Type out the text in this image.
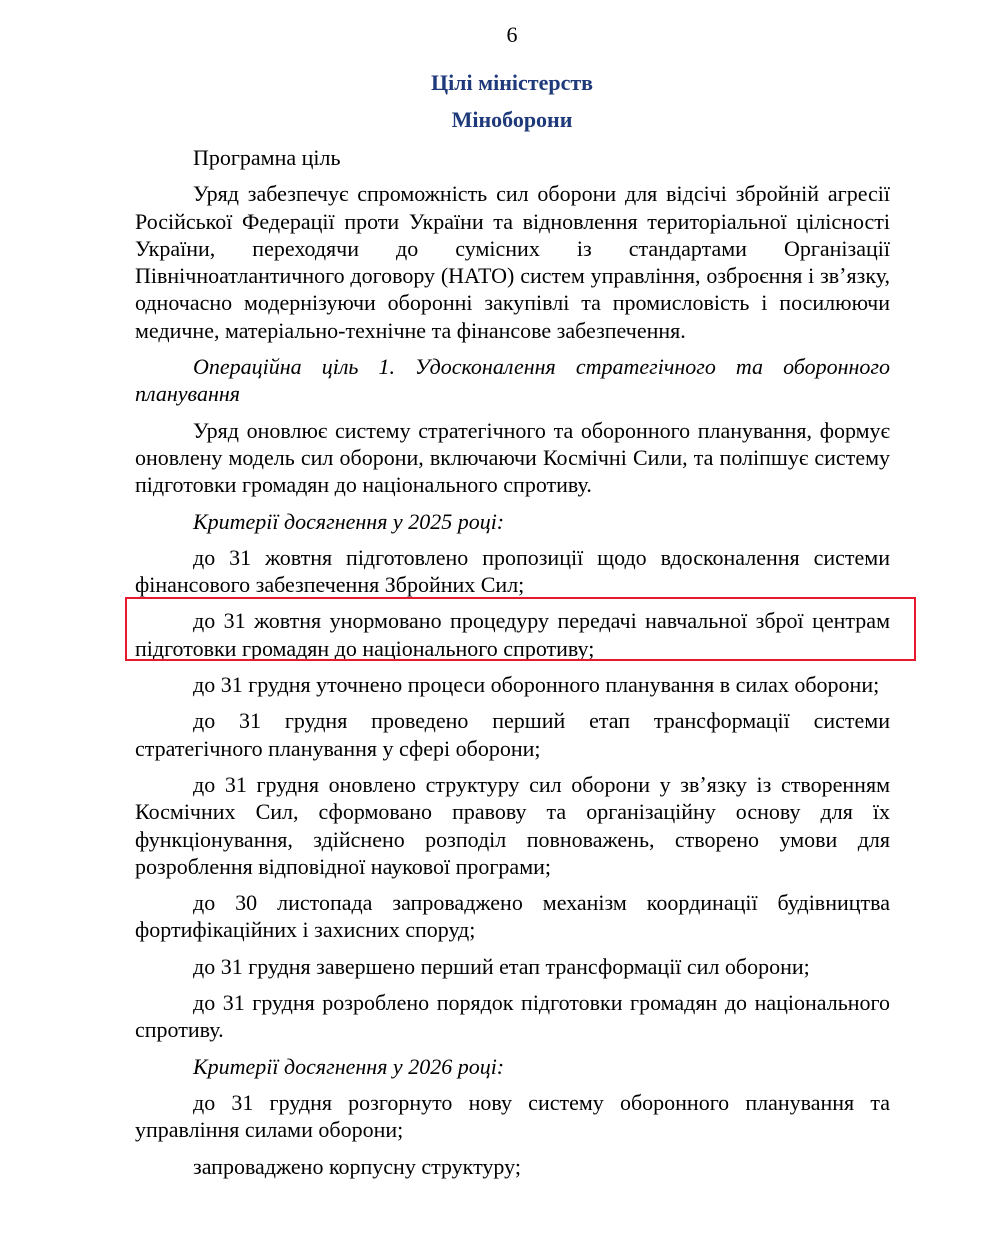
6
Цілі міністерств
Міноборони

Програмна ціль

Уряд забезпечує спроможність сил оборони для відсічі збройній агресії Російської Федерації проти України та відновлення територіальної цілісності України, переходячи до сумісних із стандартами Організації Північноатлантичного договору (НАТО) систем управління, озброєння і звʼязку, одночасно модернізуючи оборонні закупівлі та промисловість і посилюючи медичне, матеріально-технічне та фінансове забезпечення.

Операційна ціль 1. Удосконалення стратегічного та оборонного планування

Уряд оновлює систему стратегічного та оборонного планування, формує оновлену модель сил оборони, включаючи Космічні Сили, та поліпшує систему підготовки громадян до національного спротиву.

Критерії досягнення у 2025 році:

до 31 жовтня підготовлено пропозиції щодо вдосконалення системи фінансового забезпечення Збройних Сил;

до 31 жовтня унормовано процедуру передачі навчальної зброї центрам підготовки громадян до національного спротиву;

до 31 грудня уточнено процеси оборонного планування в силах оборони;

до 31 грудня проведено перший етап трансформації системи стратегічного планування у сфері оборони;

до 31 грудня оновлено структуру сил оборони у звʼязку із створенням Космічних Сил, сформовано правову та організаційну основу для їх функціонування, здійснено розподіл повноважень, створено умови для розроблення відповідної наукової програми;

до 30 листопада запроваджено механізм координації будівництва фортифікаційних і захисних споруд;

до 31 грудня завершено перший етап трансформації сил оборони;

до 31 грудня розроблено порядок підготовки громадян до національного спротиву.

Критерії досягнення у 2026 році:

до 31 грудня розгорнуто нову систему оборонного планування та управління силами оборони;

запроваджено корпусну структуру;
